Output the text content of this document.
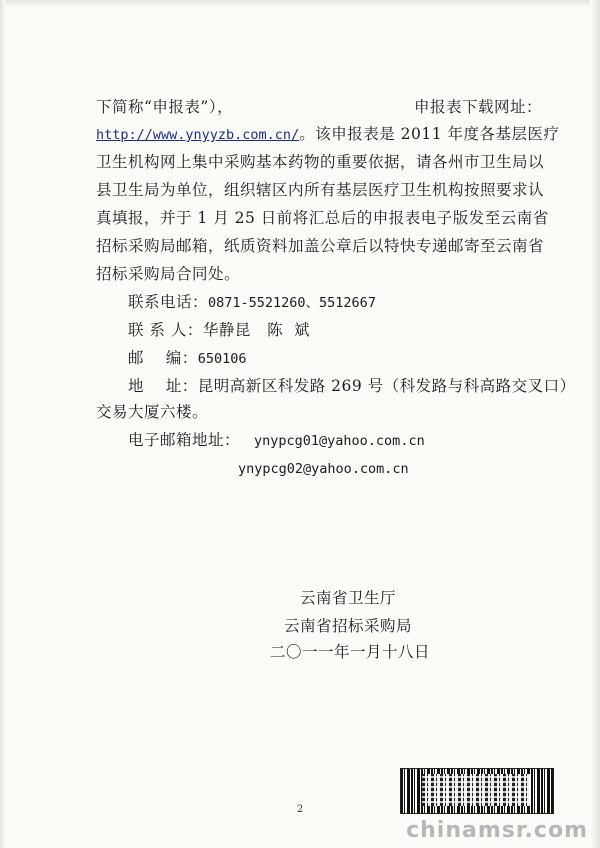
下简称“申报表”），	申报表下载网址：
http://www.ynyyzb.com.cn/。该申报表是 2011 年度各基层医疗
卫生机构网上集中采购基本药物的重要依据，请各州市卫生局以
县卫生局为单位，组织辖区内所有基层医疗卫生机构按照要求认
真填报，并于 1 月 25 日前将汇总后的申报表电子版发至云南省
招标采购局邮箱，纸质资料加盖公章后以特快专递邮寄至云南省
招标采购局合同处。
联系电话：0871-5521260、5512667
联 系 人：华静昆   陈  斌
邮    编：650106
地    址：昆明高新区科发路 269 号（科发路与科高路交叉口）
交易大厦六楼。
电子邮箱地址： ynypcg01@yahoo.com.cn
ynypcg02@yahoo.com.cn
云南省卫生厅
云南省招标采购局
二〇一一年一月十八日
2
chinamsr.com
